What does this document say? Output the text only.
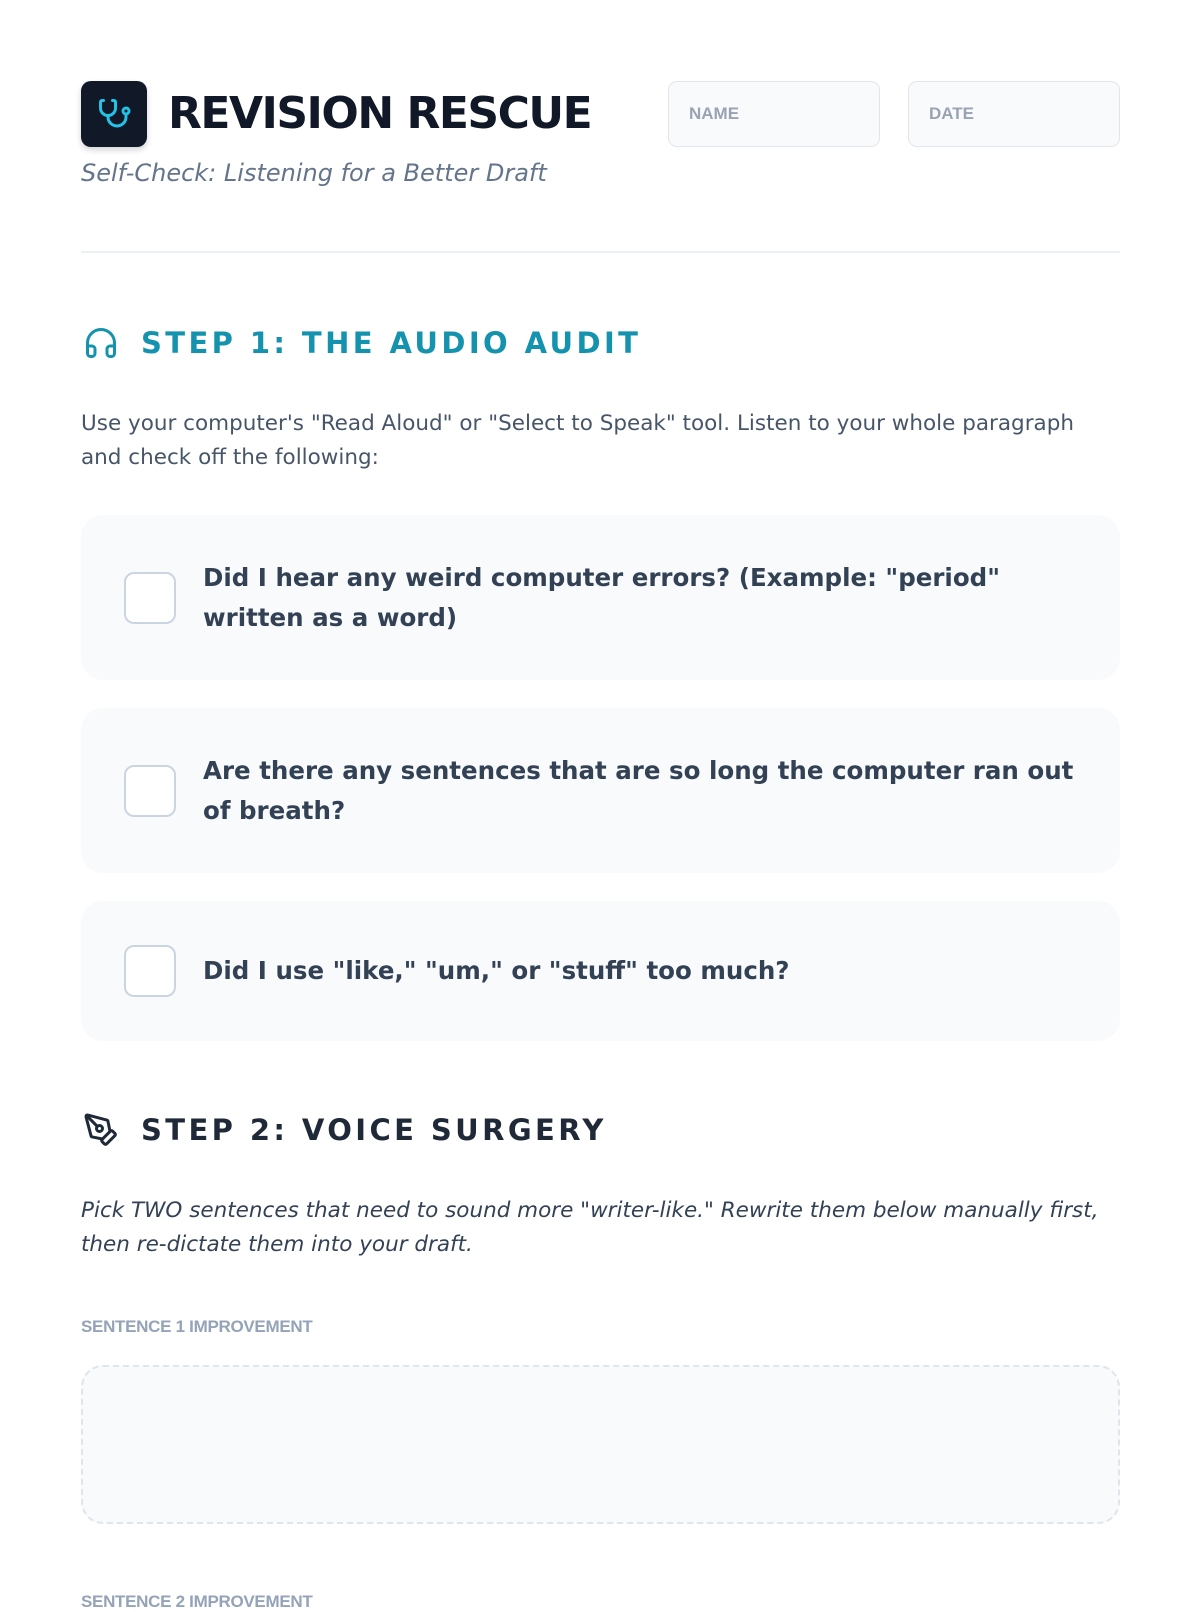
REVISION RESCUE
NAME
DATE
Self-Check: Listening for a Better Draft
STEP 1: THE AUDIO AUDIT
Use your computer's "Read Aloud" or "Select to Speak" tool. Listen to your whole paragraph and check off the following:
Did I hear any weird computer errors? (Example: "period" written as a word)
Are there any sentences that are so long the computer ran out of breath?
Did I use "like," "um," or "stuff" too much?
STEP 2: VOICE SURGERY
Pick TWO sentences that need to sound more "writer-like." Rewrite them below manually first, then re-dictate them into your draft.
SENTENCE 1 IMPROVEMENT
SENTENCE 2 IMPROVEMENT
